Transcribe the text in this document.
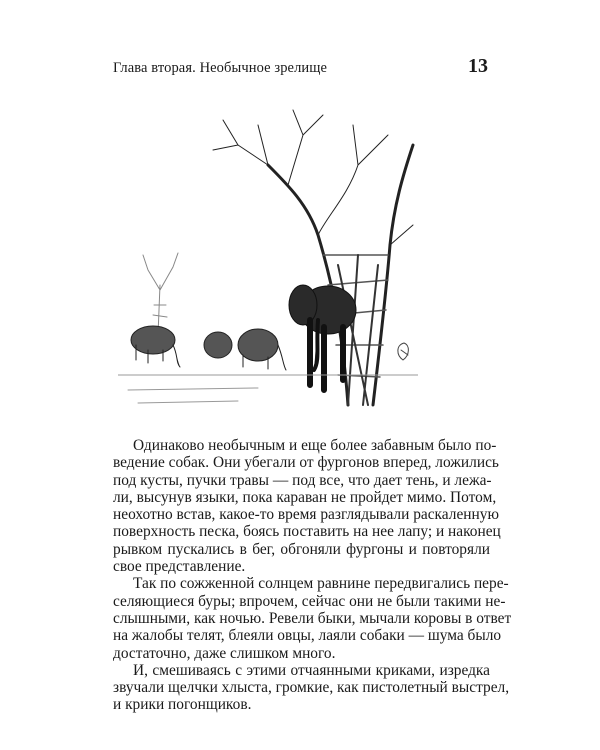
Глава вторая. Необычное зрелище	13
Одинаково необычным и еще более забавным было по-
ведение собак. Они убегали от фургонов вперед, ложились
под кусты, пучки травы — под все, что дает тень, и лежа-
ли, высунув языки, пока караван не пройдет мимо. Потом,
неохотно встав, какое-то время разглядывали раскаленную
поверхность песка, боясь поставить на нее лапу; и наконец
рывком пускались в бег, обгоняли фургоны и повторяли
свое представление.
Так по сожженной солнцем равнине передвигались пере-
селяющиеся буры; впрочем, сейчас они не были такими не-
слышными, как ночью. Ревели быки, мычали коровы в ответ
на жалобы телят, блеяли овцы, лаяли собаки — шума было
достаточно, даже слишком много.
И, смешиваясь с этими отчаянными криками, изредка
звучали щелчки хлыста, громкие, как пистолетный выстрел,
и крики погонщиков.
